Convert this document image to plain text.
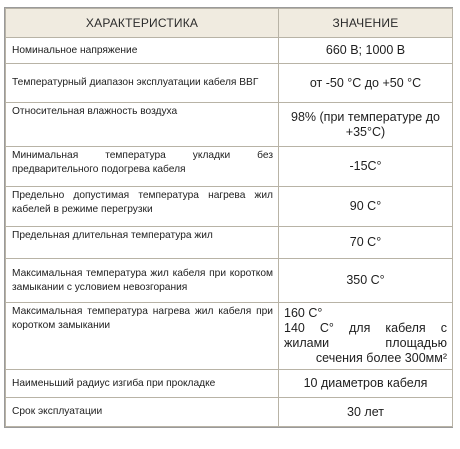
ХАРАКТЕРИСТИКА	ЗНАЧЕНИЕ
Номинальное напряжение	660 В; 1000 В
Температурный диапазон эксплуатации кабеля ВВГ	от -50 °С до +50 °С
Относительная влажность воздуха	98% (при температуре до +35°С)
Минимальная температура укладки без предварительного подогрева кабеля	-15С°
Предельно допустимая температура нагрева жил кабелей в режиме перегрузки	90 С°
Предельная длительная температура жил	70 С°
Максимальная температура жил кабеля при коротком замыкании с условием невозгорания	350 С°
Максимальная температура нагрева жил кабеля при коротком замыкании	160 С°
140 С° для кабеля с
жилами площадью
сечения более 300мм²

Наименьший радиус изгиба при прокладке	10 диаметров кабеля
Срок эксплуатации	30 лет
